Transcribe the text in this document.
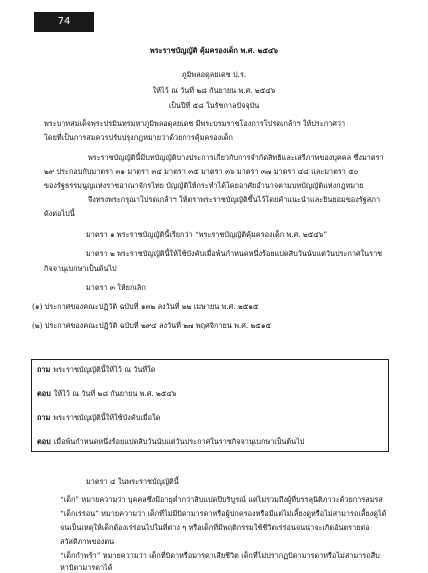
74
พระราชบัญญัติ คุ้มครองเด็ก พ.ศ. ๒๕๔๖
ภูมิพลอดุลยเดช ป.ร.
ให้ไว้ ณ วันที่ ๒๘ กันยายน พ.ศ. ๒๕๔๖
เป็นปีที่ ๕๘ ในรัชกาลปัจจุบัน
พระบาทสมเด็จพระปรมินทรมหาภูมิพลอดุลยเดช มีพระบรมราชโองการโปรดเกล้าฯ ให้ประกาศว่า
โดยที่เป็นการสมควรปรับปรุงกฎหมายว่าด้วยการคุ้มครองเด็ก
พระราชบัญญัตินี้มีบทบัญญัติบางประการเกี่ยวกับการจำกัดสิทธิและเสรีภาพของบุคคล ซึ่งมาตรา
๒๙ ประกอบกับมาตรา ๓๑ มาตรา ๓๔ มาตรา ๓๕ มาตรา ๓๖ มาตรา ๓๗ มาตรา ๔๘ และมาตรา ๕๐
ของรัฐธรรมนูญแห่งราชอาณาจักรไทย บัญญัติให้กระทำได้โดยอาศัยอำนาจตามบทบัญญัติแห่งกฎหมาย
จึงทรงพระกรุณาโปรดเกล้าฯ ให้ตราพระราชบัญญัติขึ้นไว้โดยคำแนะนำและยินยอมของรัฐสภา
ดังต่อไปนี้
มาตรา ๑ พระราชบัญญัตินี้เรียกว่า “พระราชบัญญัติคุ้มครองเด็ก พ.ศ. ๒๕๔๖”
มาตรา ๒ พระราชบัญญัตินี้ให้ใช้บังคับเมื่อพ้นกำหนดหนึ่งร้อยแปดสิบวันนับแต่วันประกาศในราช
กิจจานุเบกษาเป็นต้นไป
มาตรา ๓ ให้ยกเลิก
(๑) ประกาศของคณะปฏิวัติ ฉบับที่ ๑๓๒ ลงวันที่ ๒๒ เมษายน พ.ศ. ๒๕๑๕
(๒) ประกาศของคณะปฏิวัติ ฉบับที่ ๒๙๔ ลงวันที่ ๒๗ พฤศจิกายน พ.ศ. ๒๕๑๕
ถาม พระราชบัญญัตินี้ให้ไว้ ณ วันที่ใด
ตอบ ให้ไว้ ณ วันที่ ๒๘ กันยายน พ.ศ. ๒๕๔๖
ถาม พระราชบัญญัตินี้ให้ใช้บังคับเมื่อใด
ตอบ เมื่อพ้นกำหนดหนึ่งร้อยแปดสิบวันนับแต่วันประกาศในราชกิจจานุเบกษาเป็นต้นไป
มาตรา ๔ ในพระราชบัญญัตินี้
“เด็ก” หมายความว่า บุคคลซึ่งมีอายุต่ำกว่าสิบแปดปีบริบูรณ์ แต่ไม่รวมถึงผู้ที่บรรลุนิติภาวะด้วยการสมรส
“เด็กเร่ร่อน” หมายความว่า เด็กที่ไม่มีบิดามารดาหรือผู้ปกครองหรือมีแต่ไม่เลี้ยงดูหรือไม่สามารถเลี้ยงดูได้
จนเป็นเหตุให้เด็กต้องเร่ร่อนไปในที่ต่าง ๆ หรือเด็กที่มีพฤติกรรมใช้ชีวิตเร่ร่อนจนน่าจะเกิดอันตรายต่อ
สวัสดิภาพของตน
“เด็กกำพร้า” หมายความว่า เด็กที่บิดาหรือมารดาเสียชีวิต เด็กที่ไม่ปรากฏบิดามารดาหรือไม่สามารถสืบ
หาบิดามารดาได้
